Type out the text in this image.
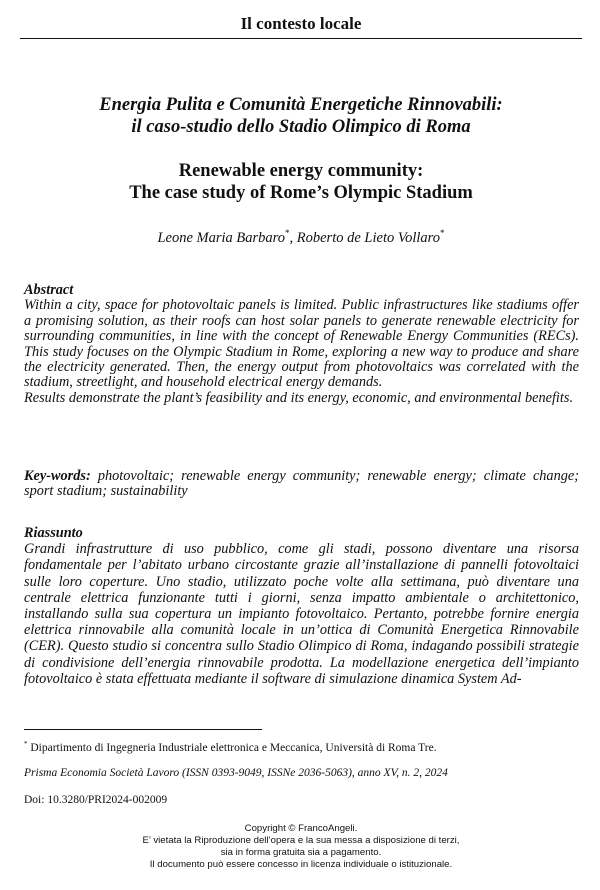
Il contesto locale
Energia Pulita e Comunità Energetiche Rinnovabili:
il caso-studio dello Stadio Olimpico di Roma
Renewable energy community:
The case study of Rome’s Olympic Stadium
Leone Maria Barbaro*, Roberto de Lieto Vollaro*
Abstract
Within a city, space for photovoltaic panels is limited. Public infrastructures like stadiums offer a promising solution, as their roofs can host solar panels to generate renewable electricity for surrounding communities, in line with the concept of Renewable Energy Communities (RECs). This study focuses on the Olympic Stadium in Rome, exploring a new way to produce and share the electricity generated. Then, the energy output from photovoltaics was correlated with the stadium, streetlight, and household electrical energy demands.
Results demonstrate the plant’s feasibility and its energy, economic, and environmental benefits.
Key-words: photovoltaic; renewable energy community; renewable energy; climate change; sport stadium; sustainability
Riassunto
Grandi infrastrutture di uso pubblico, come gli stadi, possono diventare una risorsa fondamentale per l’abitato urbano circostante grazie all’installazione di pannelli fotovoltaici sulle loro coperture. Uno stadio, utilizzato poche volte alla settimana, può diventare una centrale elettrica funzionante tutti i giorni, senza impatto ambientale o architettonico, installando sulla sua copertura un impianto fotovoltaico. Pertanto, potrebbe fornire energia elettrica rinnovabile alla comunità locale in un’ottica di Comunità Energetica Rinnovabile (CER). Questo studio si concentra sullo Stadio Olimpico di Roma, indagando possibili strategie di condivisione dell’energia rinnovabile prodotta. La modellazione energetica dell’impianto fotovoltaico è stata effettuata mediante il software di simulazione dinamica System Ad-
* Dipartimento di Ingegneria Industriale elettronica e Meccanica, Università di Roma Tre.
Prisma Economia Società Lavoro (ISSN 0393-9049, ISSNe 2036-5063), anno XV, n. 2, 2024
Doi: 10.3280/PRI2024-002009
Copyright © FrancoAngeli.
E’ vietata la Riproduzione dell’opera e la sua messa a disposizione di terzi,
sia in forma gratuita sia a pagamento.
Il documento può essere concesso in licenza individuale o istituzionale.
